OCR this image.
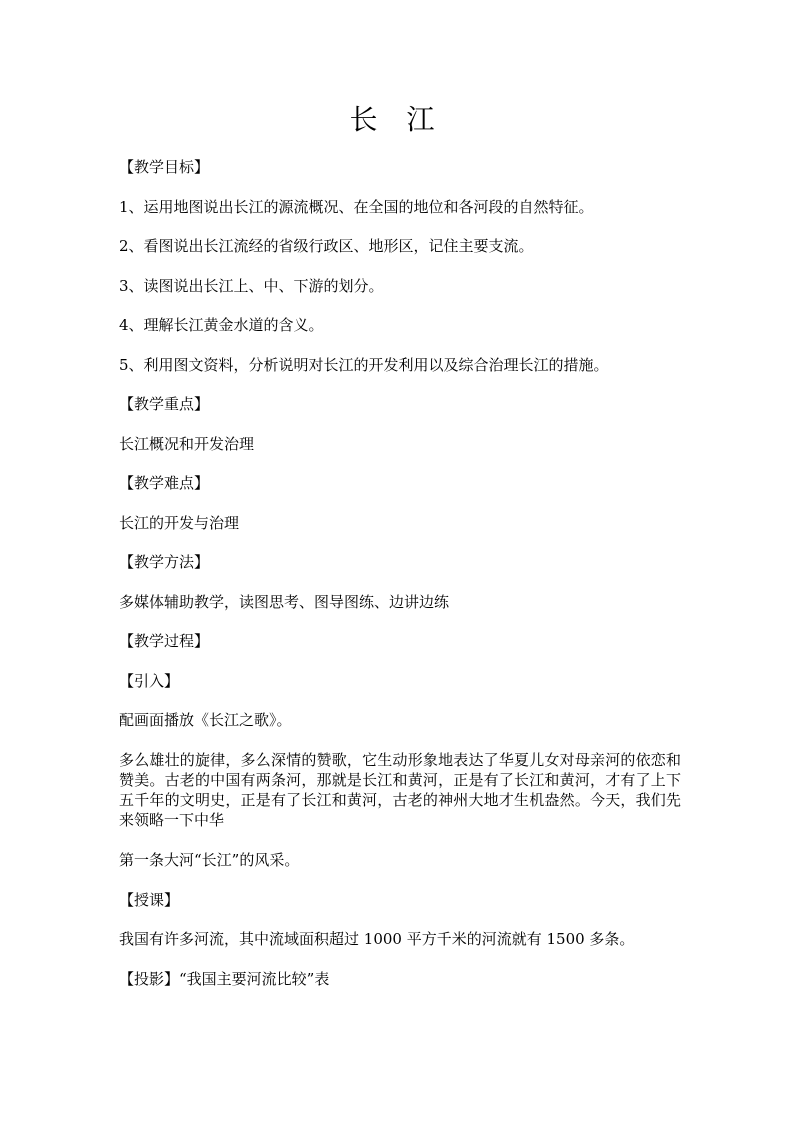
长 江
【教学目标】
1、运用地图说出长江的源流概况、在全国的地位和各河段的自然特征。
2、看图说出长江流经的省级行政区、地形区，记住主要支流。
3、读图说出长江上、中、下游的划分。
4、理解长江黄金水道的含义。
5、利用图文资料，分析说明对长江的开发利用以及综合治理长江的措施。
【教学重点】
长江概况和开发治理
【教学难点】
长江的开发与治理
【教学方法】
多媒体辅助教学，读图思考、图导图练、边讲边练
【教学过程】
【引入】
配画面播放《长江之歌》。
多么雄壮的旋律，多么深情的赞歌，它生动形象地表达了华夏儿女对母亲河的依恋和赞美。古老的中国有两条河，那就是长江和黄河，正是有了长江和黄河，才有了上下五千年的文明史，正是有了长江和黄河，古老的神州大地才生机盎然。今天，我们先来领略一下中华
第一条大河“长江”的风采。
【授课】
我国有许多河流，其中流域面积超过 1000 平方千米的河流就有 1500 多条。
【投影】“我国主要河流比较”表
